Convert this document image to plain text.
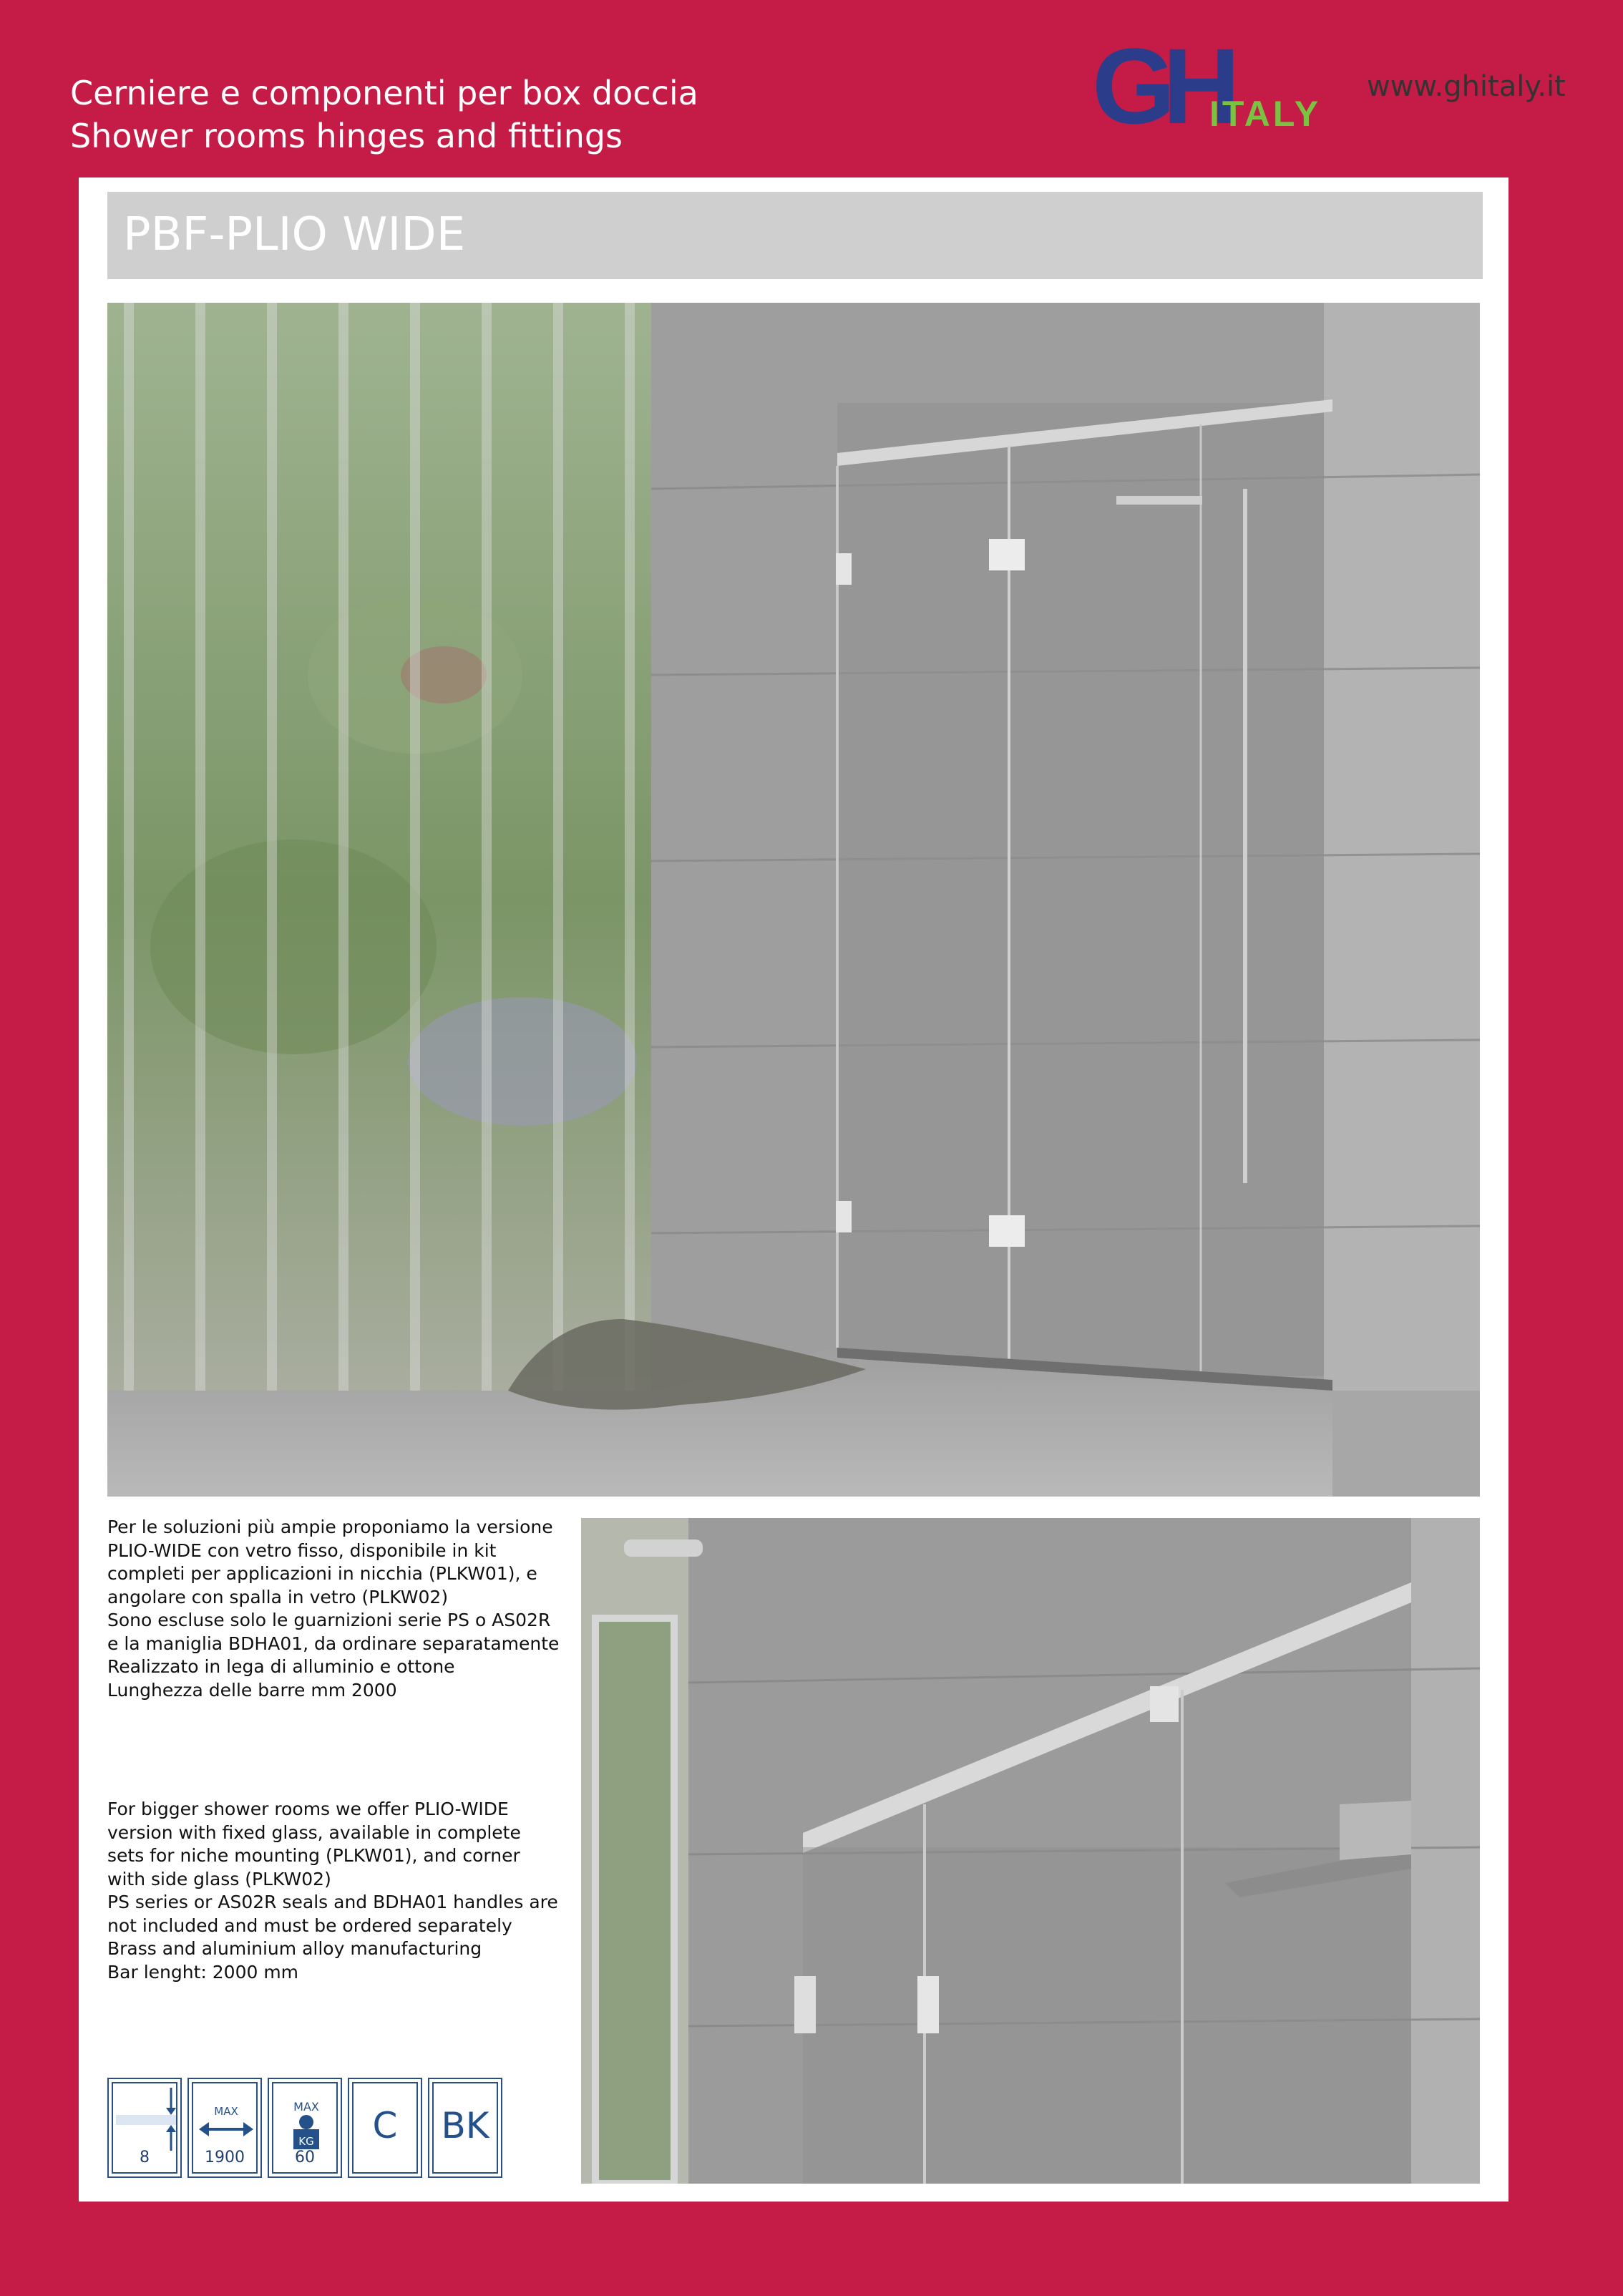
Cerniere e componenti per box doccia
Shower rooms hinges and fittings	GH
ITALY
www.ghitaly.it
PBF-PLIO WIDE
Per le soluzioni più ampie proponiamo la versione
PLIO-WIDE con vetro fisso, disponibile in kit
completi per applicazioni in nicchia (PLKW01), e
angolare con spalla in vetro (PLKW02)
Sono escluse solo le guarnizioni serie PS o AS02R
e la maniglia BDHA01, da ordinare separatamente
Realizzato in lega di alluminio e ottone
Lunghezza delle barre mm 2000
For bigger shower rooms we offer PLIO-WIDE
version with fixed glass, available in complete
sets for niche mounting (PLKW01), and corner
with side glass (PLKW02)
PS series or AS02R seals and BDHA01 handles are
not included and must be ordered separately
Brass and aluminium alloy manufacturing
Bar lenght: 2000 mm
8
MAX
1900
MAX
KG
60
C	BK
